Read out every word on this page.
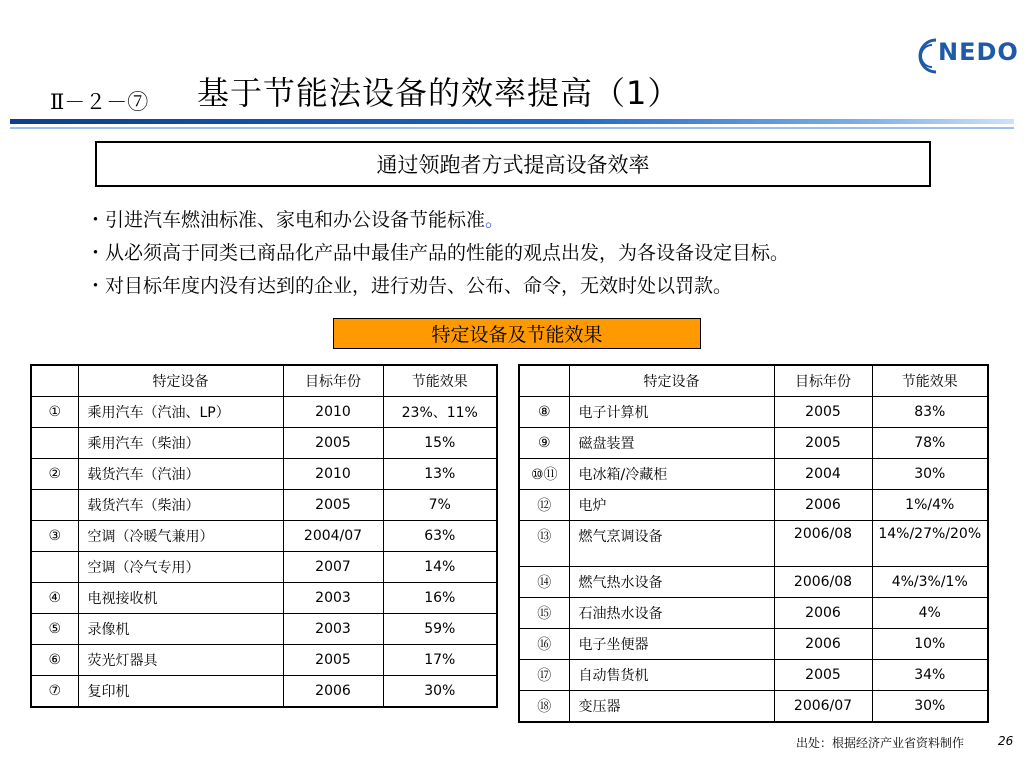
Ⅱ－２－⑦ 基于节能法设备的效率提高（1）
NEDO
通过领跑者方式提高设备效率
・引进汽车燃油标准、家电和办公设备节能标准。
・从必须高于同类已商品化产品中最佳产品的性能的观点出发，为各设备设定目标。
・对目标年度内没有达到的企业，进行劝告、公布、命令，无效时处以罚款。
特定设备及节能效果
	特定设备	目标年份	节能效果
①	乘用汽车（汽油、LP）	2010	23%、11%
	乘用汽车（柴油）	2005	15%
②	载货汽车（汽油）	2010	13%
	载货汽车（柴油）	2005	7%
③	空调（冷暖气兼用）	2004/07	63%
	空调（冷气专用）	2007	14%
④	电视接收机	2003	16%
⑤	录像机	2003	59%
⑥	荧光灯器具	2005	17%
⑦	复印机	2006	30%
	特定设备	目标年份	节能效果
⑧	电子计算机	2005	83%
⑨	磁盘装置	2005	78%
⑩⑪	电冰箱/冷藏柜	2004	30%
⑫	电炉	2006	1%/4%
⑬	燃气烹调设备	2006/08	14%/27%/20%
⑭	燃气热水设备	2006/08	4%/3%/1%
⑮	石油热水设备	2006	4%
⑯	电子坐便器	2006	10%
⑰	自动售货机	2005	34%
⑱	变压器	2006/07	30%
出处：根据经济产业省资料制作	26
